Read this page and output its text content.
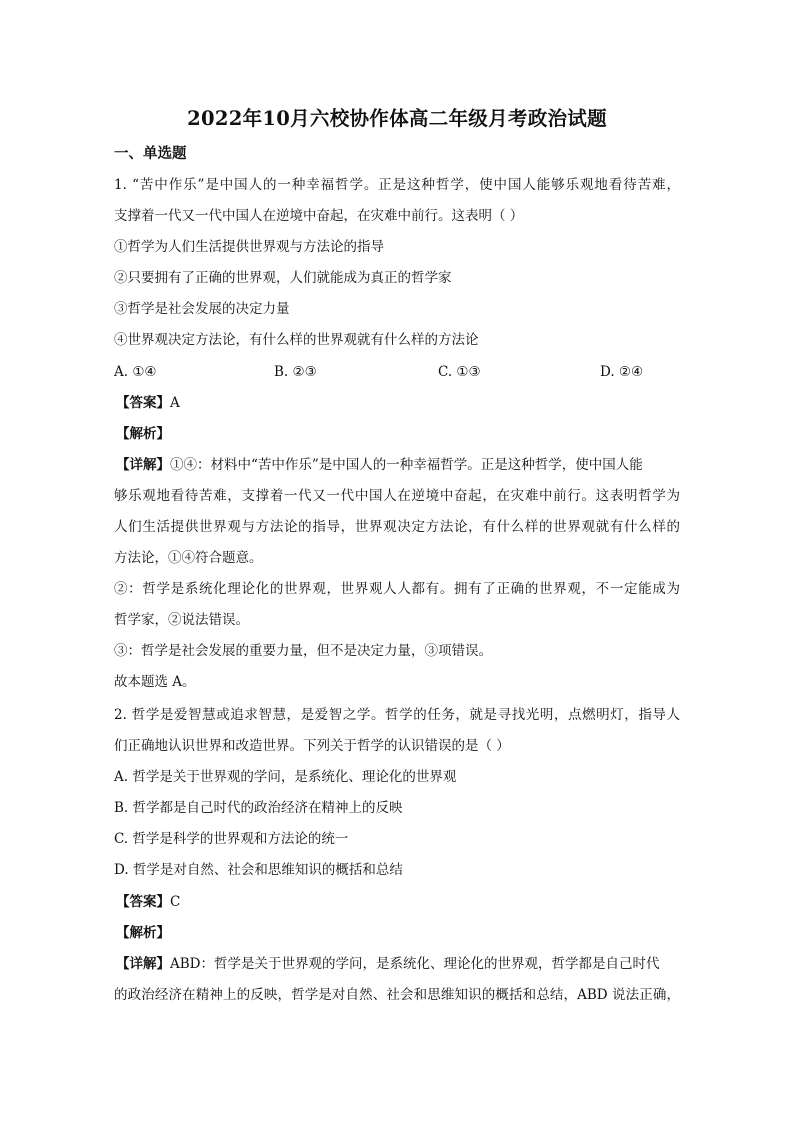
2022年10月六校协作体高二年级月考政治试题
一、单选题
1. “苦中作乐”是中国人的一种幸福哲学。正是这种哲学，使中国人能够乐观地看待苦难，
支撑着一代又一代中国人在逆境中奋起，在灾难中前行。这表明（ ）
①哲学为人们生活提供世界观与方法论的指导
②只要拥有了正确的世界观，人们就能成为真正的哲学家
③哲学是社会发展的决定力量
④世界观决定方法论，有什么样的世界观就有什么样的方法论
A. ①④	B. ②③	C. ①③	D. ②④
【答案】A
【解析】
【详解】①④：材料中“苦中作乐”是中国人的一种幸福哲学。正是这种哲学，使中国人能
够乐观地看待苦难，支撑着一代又一代中国人在逆境中奋起，在灾难中前行。这表明哲学为
人们生活提供世界观与方法论的指导，世界观决定方法论，有什么样的世界观就有什么样的
方法论，①④符合题意。
②：哲学是系统化理论化的世界观，世界观人人都有。拥有了正确的世界观，不一定能成为
哲学家，②说法错误。
③：哲学是社会发展的重要力量，但不是决定力量，③项错误。
故本题选 A。
2. 哲学是爱智慧或追求智慧，是爱智之学。哲学的任务，就是寻找光明，点燃明灯，指导人
们正确地认识世界和改造世界。下列关于哲学的认识错误的是（ ）
A. 哲学是关于世界观的学问，是系统化、理论化的世界观
B. 哲学都是自己时代的政治经济在精神上的反映
C. 哲学是科学的世界观和方法论的统一
D. 哲学是对自然、社会和思维知识的概括和总结
【答案】C
【解析】
【详解】ABD：哲学是关于世界观的学问，是系统化、理论化的世界观，哲学都是自己时代
的政治经济在精神上的反映，哲学是对自然、社会和思维知识的概括和总结，ABD 说法正确，
